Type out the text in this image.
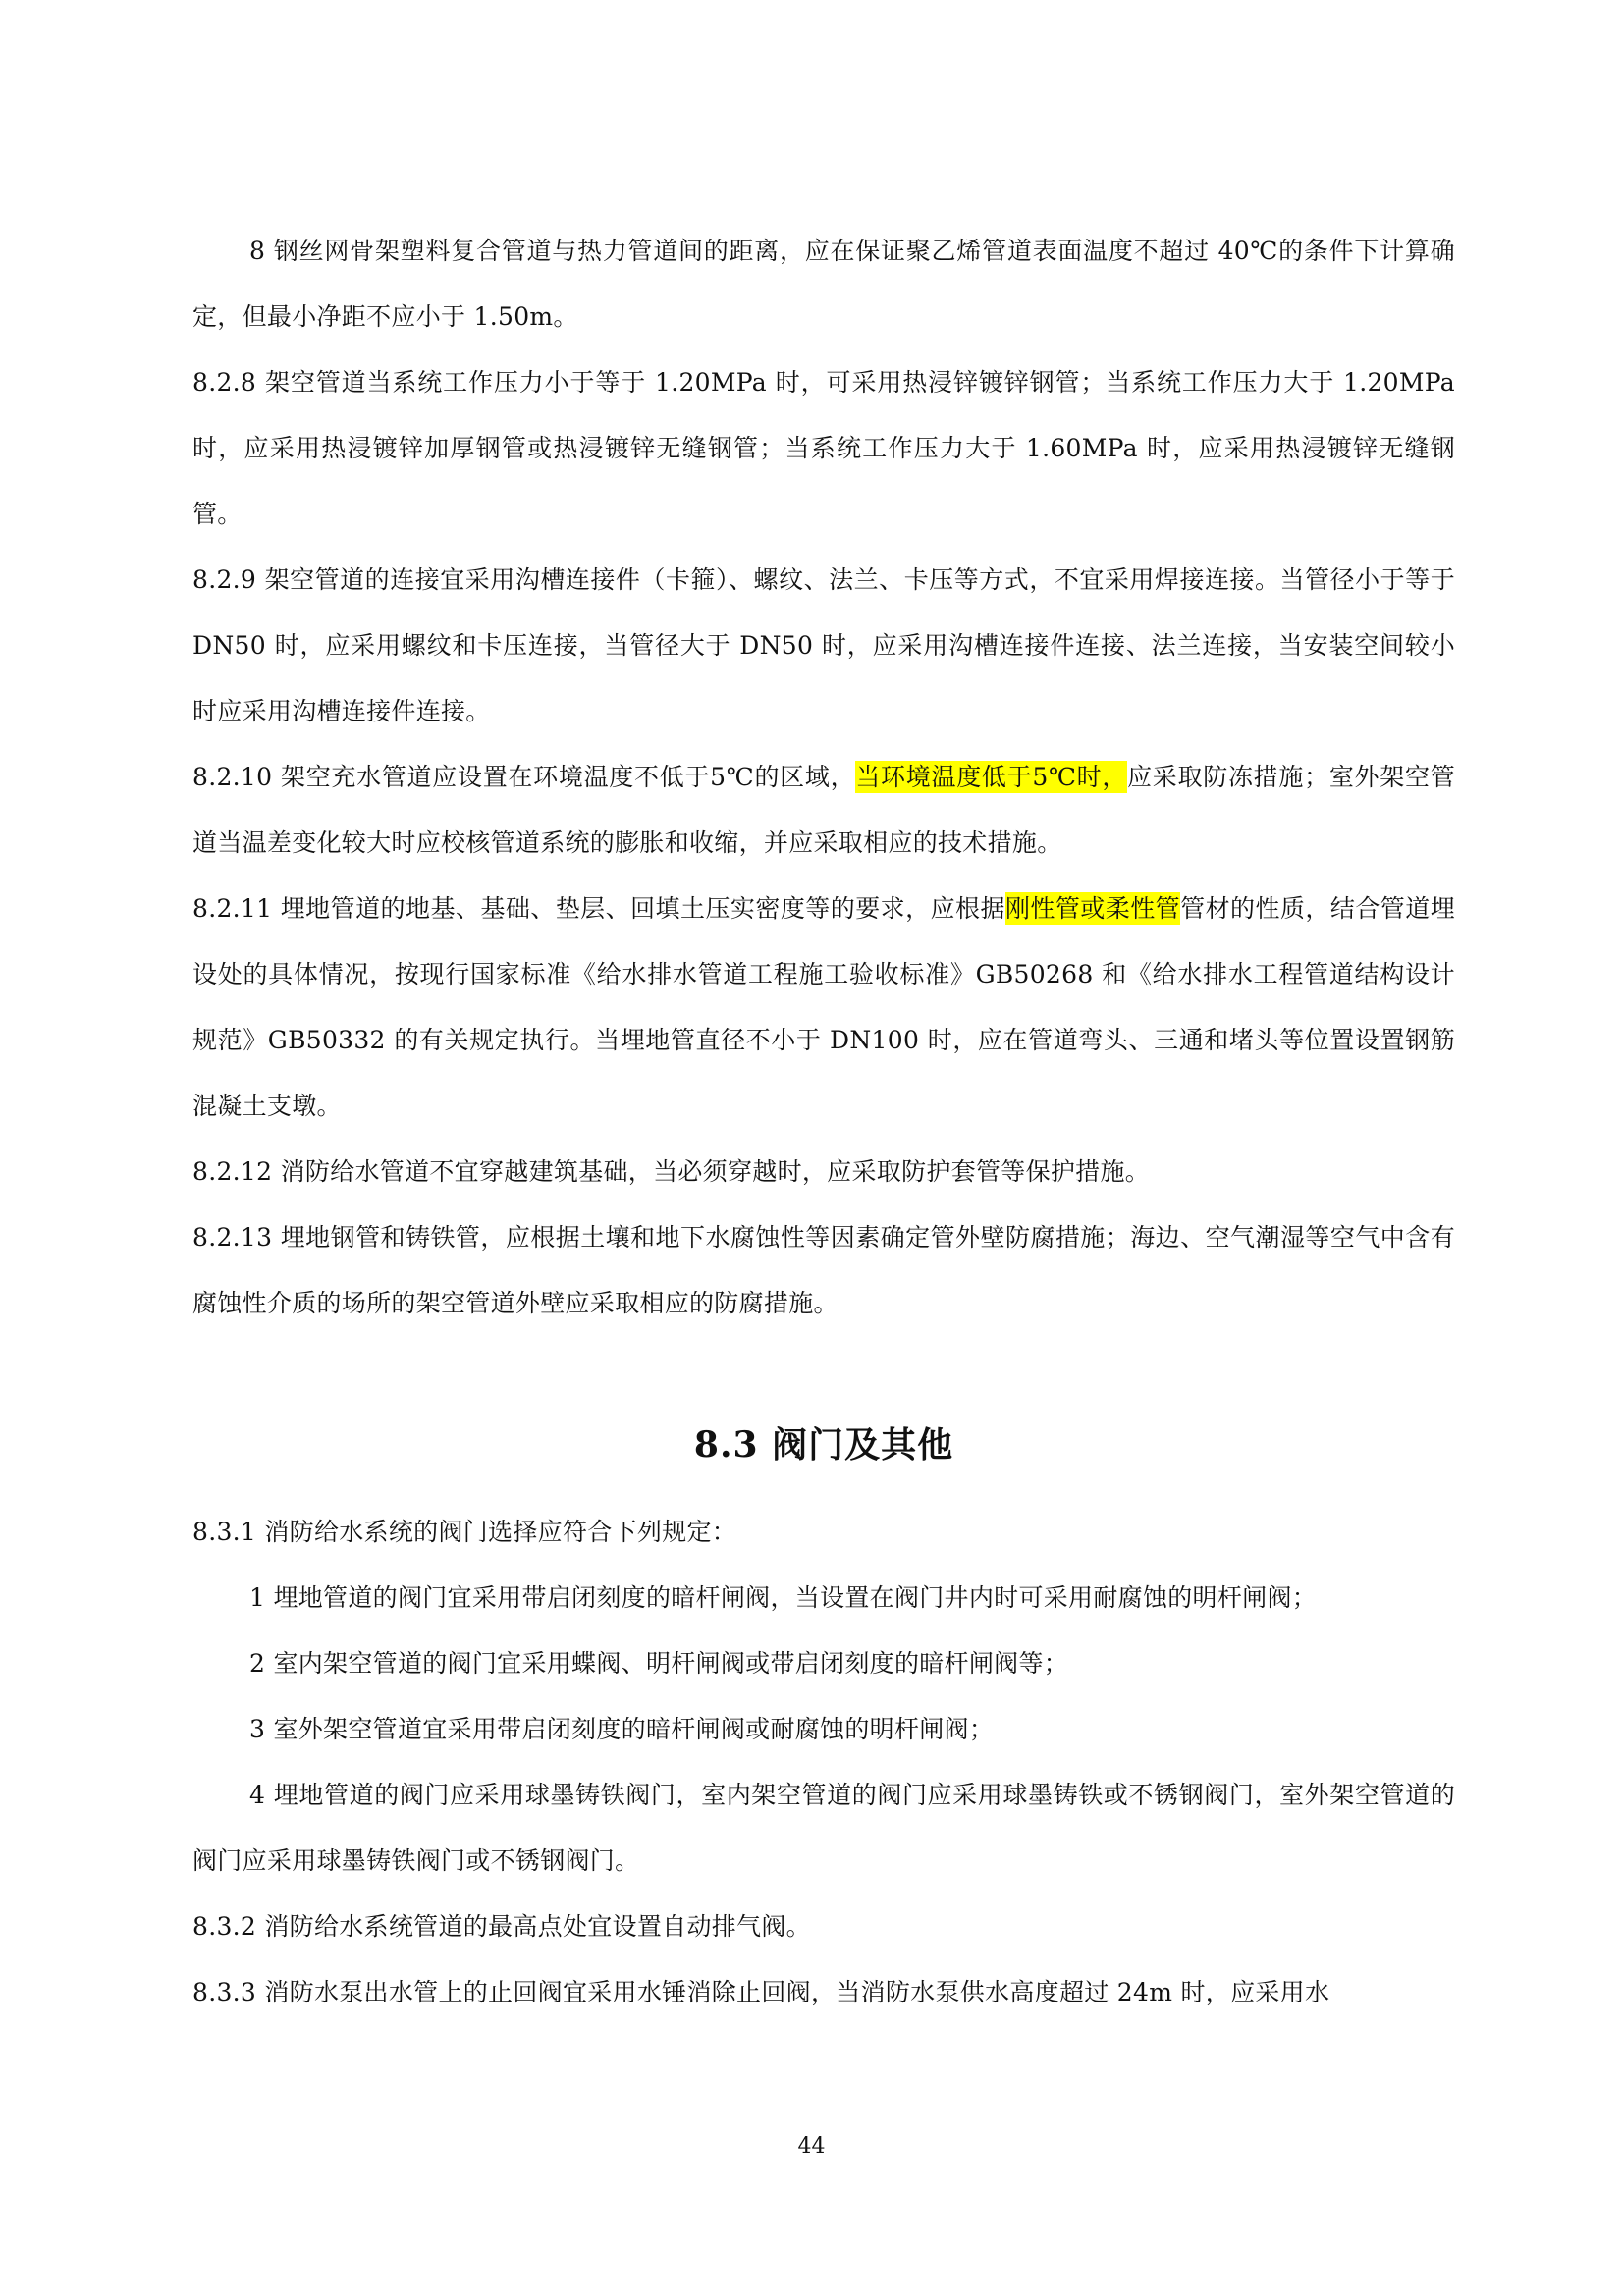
8 钢丝网骨架塑料复合管道与热力管道间的距离，应在保证聚乙烯管道表面温度不超过 40℃的条件下计算确定，但最小净距不应小于 1.50m。

8.2.8 架空管道当系统工作压力小于等于 1.20MPa 时，可采用热浸锌镀锌钢管；当系统工作压力大于 1.20MPa 时，应采用热浸镀锌加厚钢管或热浸镀锌无缝钢管；当系统工作压力大于 1.60MPa 时，应采用热浸镀锌无缝钢管。

8.2.9 架空管道的连接宜采用沟槽连接件（卡箍）、螺纹、法兰、卡压等方式，不宜采用焊接连接。当管径小于等于 DN50 时，应采用螺纹和卡压连接，当管径大于 DN50 时，应采用沟槽连接件连接、法兰连接，当安装空间较小时应采用沟槽连接件连接。

8.2.10 架空充水管道应设置在环境温度不低于5℃的区域，当环境温度低于5℃时，应采取防冻措施；室外架空管道当温差变化较大时应校核管道系统的膨胀和收缩，并应采取相应的技术措施。

8.2.11 埋地管道的地基、基础、垫层、回填土压实密度等的要求，应根据刚性管或柔性管管材的性质，结合管道埋设处的具体情况，按现行国家标准《给水排水管道工程施工验收标准》GB50268 和《给水排水工程管道结构设计规范》GB50332 的有关规定执行。当埋地管直径不小于 DN100 时，应在管道弯头、三通和堵头等位置设置钢筋混凝土支墩。

8.2.12 消防给水管道不宜穿越建筑基础，当必须穿越时，应采取防护套管等保护措施。

8.2.13 埋地钢管和铸铁管，应根据土壤和地下水腐蚀性等因素确定管外壁防腐措施；海边、空气潮湿等空气中含有腐蚀性介质的场所的架空管道外壁应采取相应的防腐措施。

8.3 阀门及其他

8.3.1 消防给水系统的阀门选择应符合下列规定：

1 埋地管道的阀门宜采用带启闭刻度的暗杆闸阀，当设置在阀门井内时可采用耐腐蚀的明杆闸阀；

2 室内架空管道的阀门宜采用蝶阀、明杆闸阀或带启闭刻度的暗杆闸阀等；

3 室外架空管道宜采用带启闭刻度的暗杆闸阀或耐腐蚀的明杆闸阀；

4 埋地管道的阀门应采用球墨铸铁阀门，室内架空管道的阀门应采用球墨铸铁或不锈钢阀门，室外架空管道的阀门应采用球墨铸铁阀门或不锈钢阀门。

8.3.2 消防给水系统管道的最高点处宜设置自动排气阀。

8.3.3 消防水泵出水管上的止回阀宜采用水锤消除止回阀，当消防水泵供水高度超过 24m 时，应采用水

44
